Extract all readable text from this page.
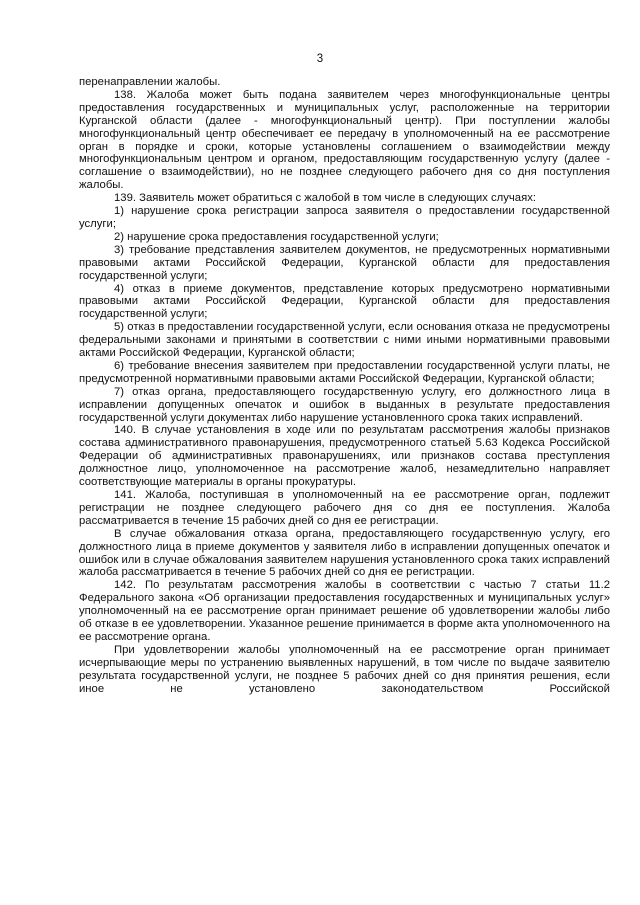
3

перенаправлении жалобы.

138. Жалоба может быть подана заявителем через многофункциональные центры предоставления государственных и муниципальных услуг, расположенные на территории Курганской области (далее - многофункциональный центр). При поступлении жалобы многофункциональный центр обеспечивает ее передачу в уполномоченный на ее рассмотрение орган в порядке и сроки, которые установлены соглашением о взаимодействии между многофункциональным центром и органом, предоставляющим государственную услугу (далее - соглашение о взаимодействии), но не позднее следующего рабочего дня со дня поступления жалобы.

139. Заявитель может обратиться с жалобой в том числе в следующих случаях:

1) нарушение срока регистрации запроса заявителя о предоставлении государственной услуги;

2) нарушение срока предоставления государственной услуги;

3) требование представления заявителем документов, не предусмотренных нормативными правовыми актами Российской Федерации, Курганской области для предоставления государственной услуги;

4) отказ в приеме документов, представление которых предусмотрено нормативными правовыми актами Российской Федерации, Курганской области для предоставления государственной услуги;

5) отказ в предоставлении государственной услуги, если основания отказа не предусмотрены федеральными законами и принятыми в соответствии с ними иными нормативными правовыми актами Российской Федерации, Курганской области;

6) требование внесения заявителем при предоставлении государственной услуги платы, не предусмотренной нормативными правовыми актами Российской Федерации, Курганской области;

7) отказ органа, предоставляющего государственную услугу, его должностного лица в исправлении допущенных опечаток и ошибок в выданных в результате предоставления государственной услуги документах либо нарушение установленного срока таких исправлений.

140. В случае установления в ходе или по результатам рассмотрения жалобы признаков состава административного правонарушения, предусмотренного статьей 5.63 Кодекса Российской Федерации об административных правонарушениях, или признаков состава преступления должностное лицо, уполномоченное на рассмотрение жалоб, незамедлительно направляет соответствующие материалы в органы прокуратуры.

141. Жалоба, поступившая в уполномоченный на ее рассмотрение орган, подлежит регистрации не позднее следующего рабочего дня со дня ее поступления. Жалоба рассматривается в течение 15 рабочих дней со дня ее регистрации.

В случае обжалования отказа органа, предоставляющего государственную услугу, его должностного лица в приеме документов у заявителя либо в исправлении допущенных опечаток и ошибок или в случае обжалования заявителем нарушения установленного срока таких исправлений жалоба рассматривается в течение 5 рабочих дней со дня ее регистрации.

142. По результатам рассмотрения жалобы в соответствии с частью 7 статьи 11.2 Федерального закона «Об организации предоставления государственных и муниципальных услуг» уполномоченный на ее рассмотрение орган принимает решение об удовлетворении жалобы либо об отказе в ее удовлетворении. Указанное решение принимается в форме акта уполномоченного на ее рассмотрение органа.

При удовлетворении жалобы уполномоченный на ее рассмотрение орган принимает исчерпывающие меры по устранению выявленных нарушений, в том числе по выдаче заявителю результата государственной услуги, не позднее 5 рабочих дней со дня принятия решения, если иное не установлено законодательством Российской
